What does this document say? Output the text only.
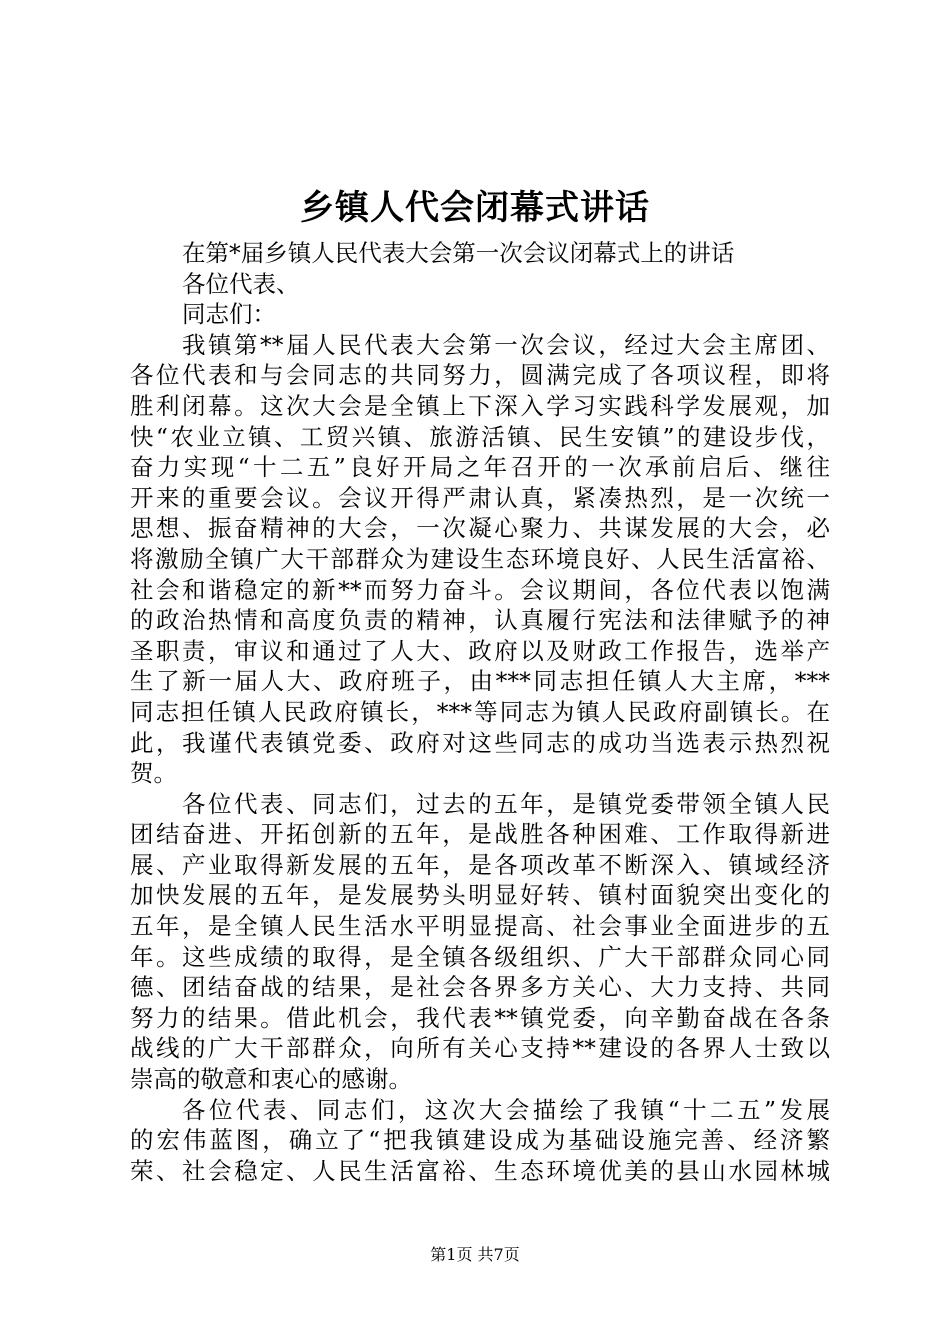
乡镇人代会闭幕式讲话
在第*届乡镇人民代表大会第一次会议闭幕式上的讲话
各位代表、
同志们：
我镇第**届人民代表大会第一次会议，经过大会主席团、
各位代表和与会同志的共同努力，圆满完成了各项议程，即将
胜利闭幕。这次大会是全镇上下深入学习实践科学发展观，加
快“农业立镇、工贸兴镇、旅游活镇、民生安镇”的建设步伐，
奋力实现“十二五”良好开局之年召开的一次承前启后、继往
开来的重要会议。会议开得严肃认真，紧凑热烈，是一次统一
思想、振奋精神的大会，一次凝心聚力、共谋发展的大会，必
将激励全镇广大干部群众为建设生态环境良好、人民生活富裕、
社会和谐稳定的新**而努力奋斗。会议期间，各位代表以饱满
的政治热情和高度负责的精神，认真履行宪法和法律赋予的神
圣职责，审议和通过了人大、政府以及财政工作报告，选举产
生了新一届人大、政府班子，由***同志担任镇人大主席，***
同志担任镇人民政府镇长，***等同志为镇人民政府副镇长。在
此，我谨代表镇党委、政府对这些同志的成功当选表示热烈祝
贺。
各位代表、同志们，过去的五年，是镇党委带领全镇人民
团结奋进、开拓创新的五年，是战胜各种困难、工作取得新进
展、产业取得新发展的五年，是各项改革不断深入、镇域经济
加快发展的五年，是发展势头明显好转、镇村面貌突出变化的
五年，是全镇人民生活水平明显提高、社会事业全面进步的五
年。这些成绩的取得，是全镇各级组织、广大干部群众同心同
德、团结奋战的结果，是社会各界多方关心、大力支持、共同
努力的结果。借此机会，我代表**镇党委，向辛勤奋战在各条
战线的广大干部群众，向所有关心支持**建设的各界人士致以
崇高的敬意和衷心的感谢。
各位代表、同志们，这次大会描绘了我镇“十二五”发展
的宏伟蓝图，确立了“把我镇建设成为基础设施完善、经济繁
荣、社会稳定、人民生活富裕、生态环境优美的县山水园林城
第1页 共7页
